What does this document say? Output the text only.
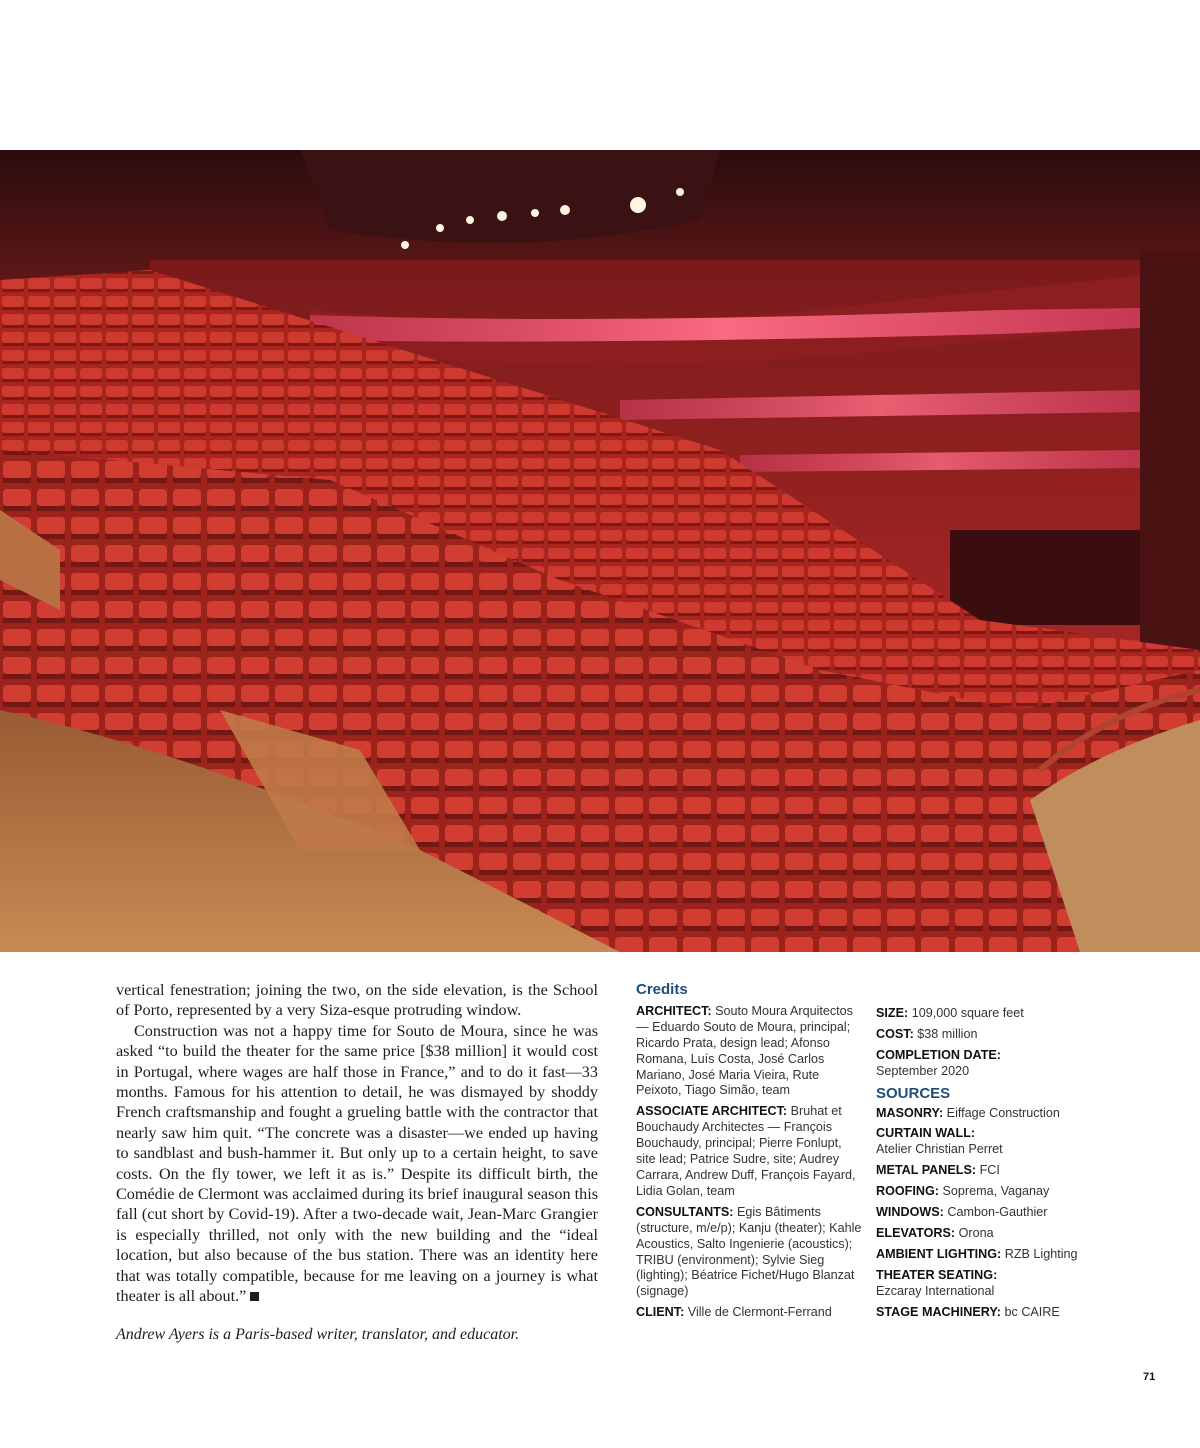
vertical fenestration; joining the two, on the side elevation, is the School of Porto, represented by a very Siza-esque protruding window.

Construction was not a happy time for Souto de Moura, since he was asked “to build the theater for the same price [$38 million] it would cost in Portugal, where wages are half those in France,” and to do it fast—33 months. Famous for his attention to detail, he was dismayed by shoddy French craftsmanship and fought a grueling battle with the contractor that nearly saw him quit. “The concrete was a disaster—we ended up having to sandblast and bush-hammer it. But only up to a certain height, to save costs. On the fly tower, we left it as is.” Despite its difficult birth, the Comédie de Clermont was acclaimed during its brief inaugural season this fall (cut short by Covid-19). After a two-decade wait, Jean-Marc Grangier is especially thrilled, not only with the new building and the “ideal location, but also because of the bus station. There was an identity here that was totally compatible, because for me leaving on a journey is what theater is all about.”

Andrew Ayers is a Paris-based writer, translator, and educator.
Credits
ARCHITECT: Souto Moura Arquitectos — Eduardo Souto de Moura, principal; Ricardo Prata, design lead; Afonso Romana, Luís Costa, José Carlos Mariano, José Maria Vieira, Rute Peixoto, Tiago Simão, team
ASSOCIATE ARCHITECT: Bruhat et Bouchaudy Architectes — François Bouchaudy, principal; Pierre Fonlupt, site lead; Patrice Sudre, site; Audrey Carrara, Andrew Duff, François Fayard, Lidia Golan, team
CONSULTANTS: Egis Bâtiments (structure, m/e/p); Kanju (theater); Kahle Acoustics, Salto Ingenierie (acoustics); TRIBU (environment); Sylvie Sieg (lighting); Béatrice Fichet/Hugo Blanzat (signage)
CLIENT: Ville de Clermont-Ferrand
SIZE: 109,000 square feet
COST: $38 million
COMPLETION DATE:
September 2020
SOURCES
MASONRY: Eiffage Construction
CURTAIN WALL:
Atelier Christian Perret
METAL PANELS: FCI
ROOFING: Soprema, Vaganay
WINDOWS: Cambon-Gauthier
ELEVATORS: Orona
AMBIENT LIGHTING: RZB Lighting
THEATER SEATING:
Ezcaray International
STAGE MACHINERY: bc CAIRE
71
